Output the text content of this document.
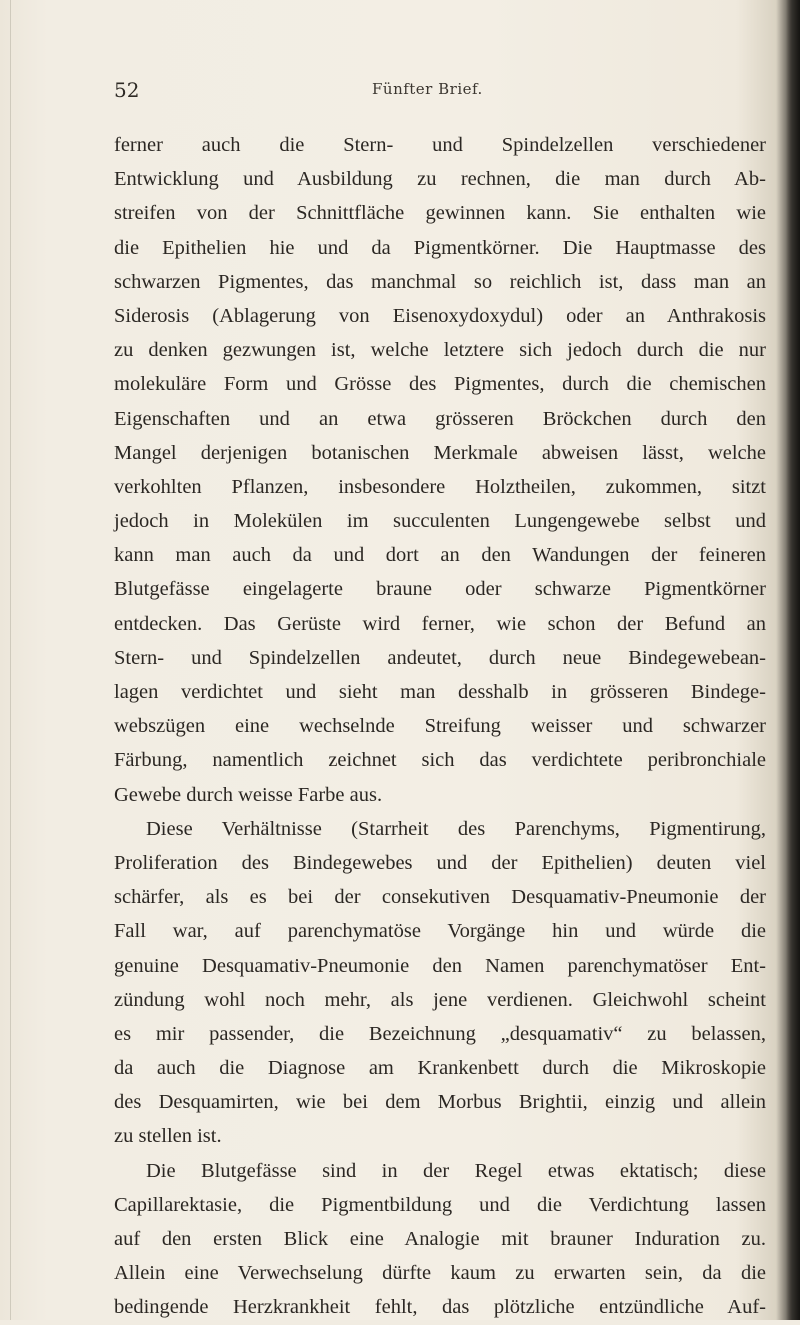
52	Fünfter Brief.
ferner auch die Stern- und Spindelzellen verschiedener
Entwicklung und Ausbildung zu rechnen, die man durch Ab-
streifen von der Schnittfläche gewinnen kann. Sie enthalten wie
die Epithelien hie und da Pigmentkörner. Die Hauptmasse des
schwarzen Pigmentes, das manchmal so reichlich ist, dass man an
Siderosis (Ablagerung von Eisenoxydoxydul) oder an Anthrakosis
zu denken gezwungen ist, welche letztere sich jedoch durch die nur
molekuläre Form und Grösse des Pigmentes, durch die chemischen
Eigenschaften und an etwa grösseren Bröckchen durch den
Mangel derjenigen botanischen Merkmale abweisen lässt, welche
verkohlten Pflanzen, insbesondere Holztheilen, zukommen, sitzt
jedoch in Molekülen im succulenten Lungengewebe selbst und
kann man auch da und dort an den Wandungen der feineren
Blutgefässe eingelagerte braune oder schwarze Pigmentkörner
entdecken. Das Gerüste wird ferner, wie schon der Befund an
Stern- und Spindelzellen andeutet, durch neue Bindegewebean-
lagen verdichtet und sieht man desshalb in grösseren Bindege-
webszügen eine wechselnde Streifung weisser und schwarzer
Färbung, namentlich zeichnet sich das verdichtete peribronchiale
Gewebe durch weisse Farbe aus.
Diese Verhältnisse (Starrheit des Parenchyms, Pigmentirung,
Proliferation des Bindegewebes und der Epithelien) deuten viel
schärfer, als es bei der consekutiven Desquamativ-Pneumonie der
Fall war, auf parenchymatöse Vorgänge hin und würde die
genuine Desquamativ-Pneumonie den Namen parenchymatöser Ent-
zündung wohl noch mehr, als jene verdienen. Gleichwohl scheint
es mir passender, die Bezeichnung „desquamativ“ zu belassen,
da auch die Diagnose am Krankenbett durch die Mikroskopie
des Desquamirten, wie bei dem Morbus Brightii, einzig und allein
zu stellen ist.
Die Blutgefässe sind in der Regel etwas ektatisch; diese
Capillarektasie, die Pigmentbildung und die Verdichtung lassen
auf den ersten Blick eine Analogie mit brauner Induration zu.
Allein eine Verwechselung dürfte kaum zu erwarten sein, da die
bedingende Herzkrankheit fehlt, das plötzliche entzündliche Auf-
